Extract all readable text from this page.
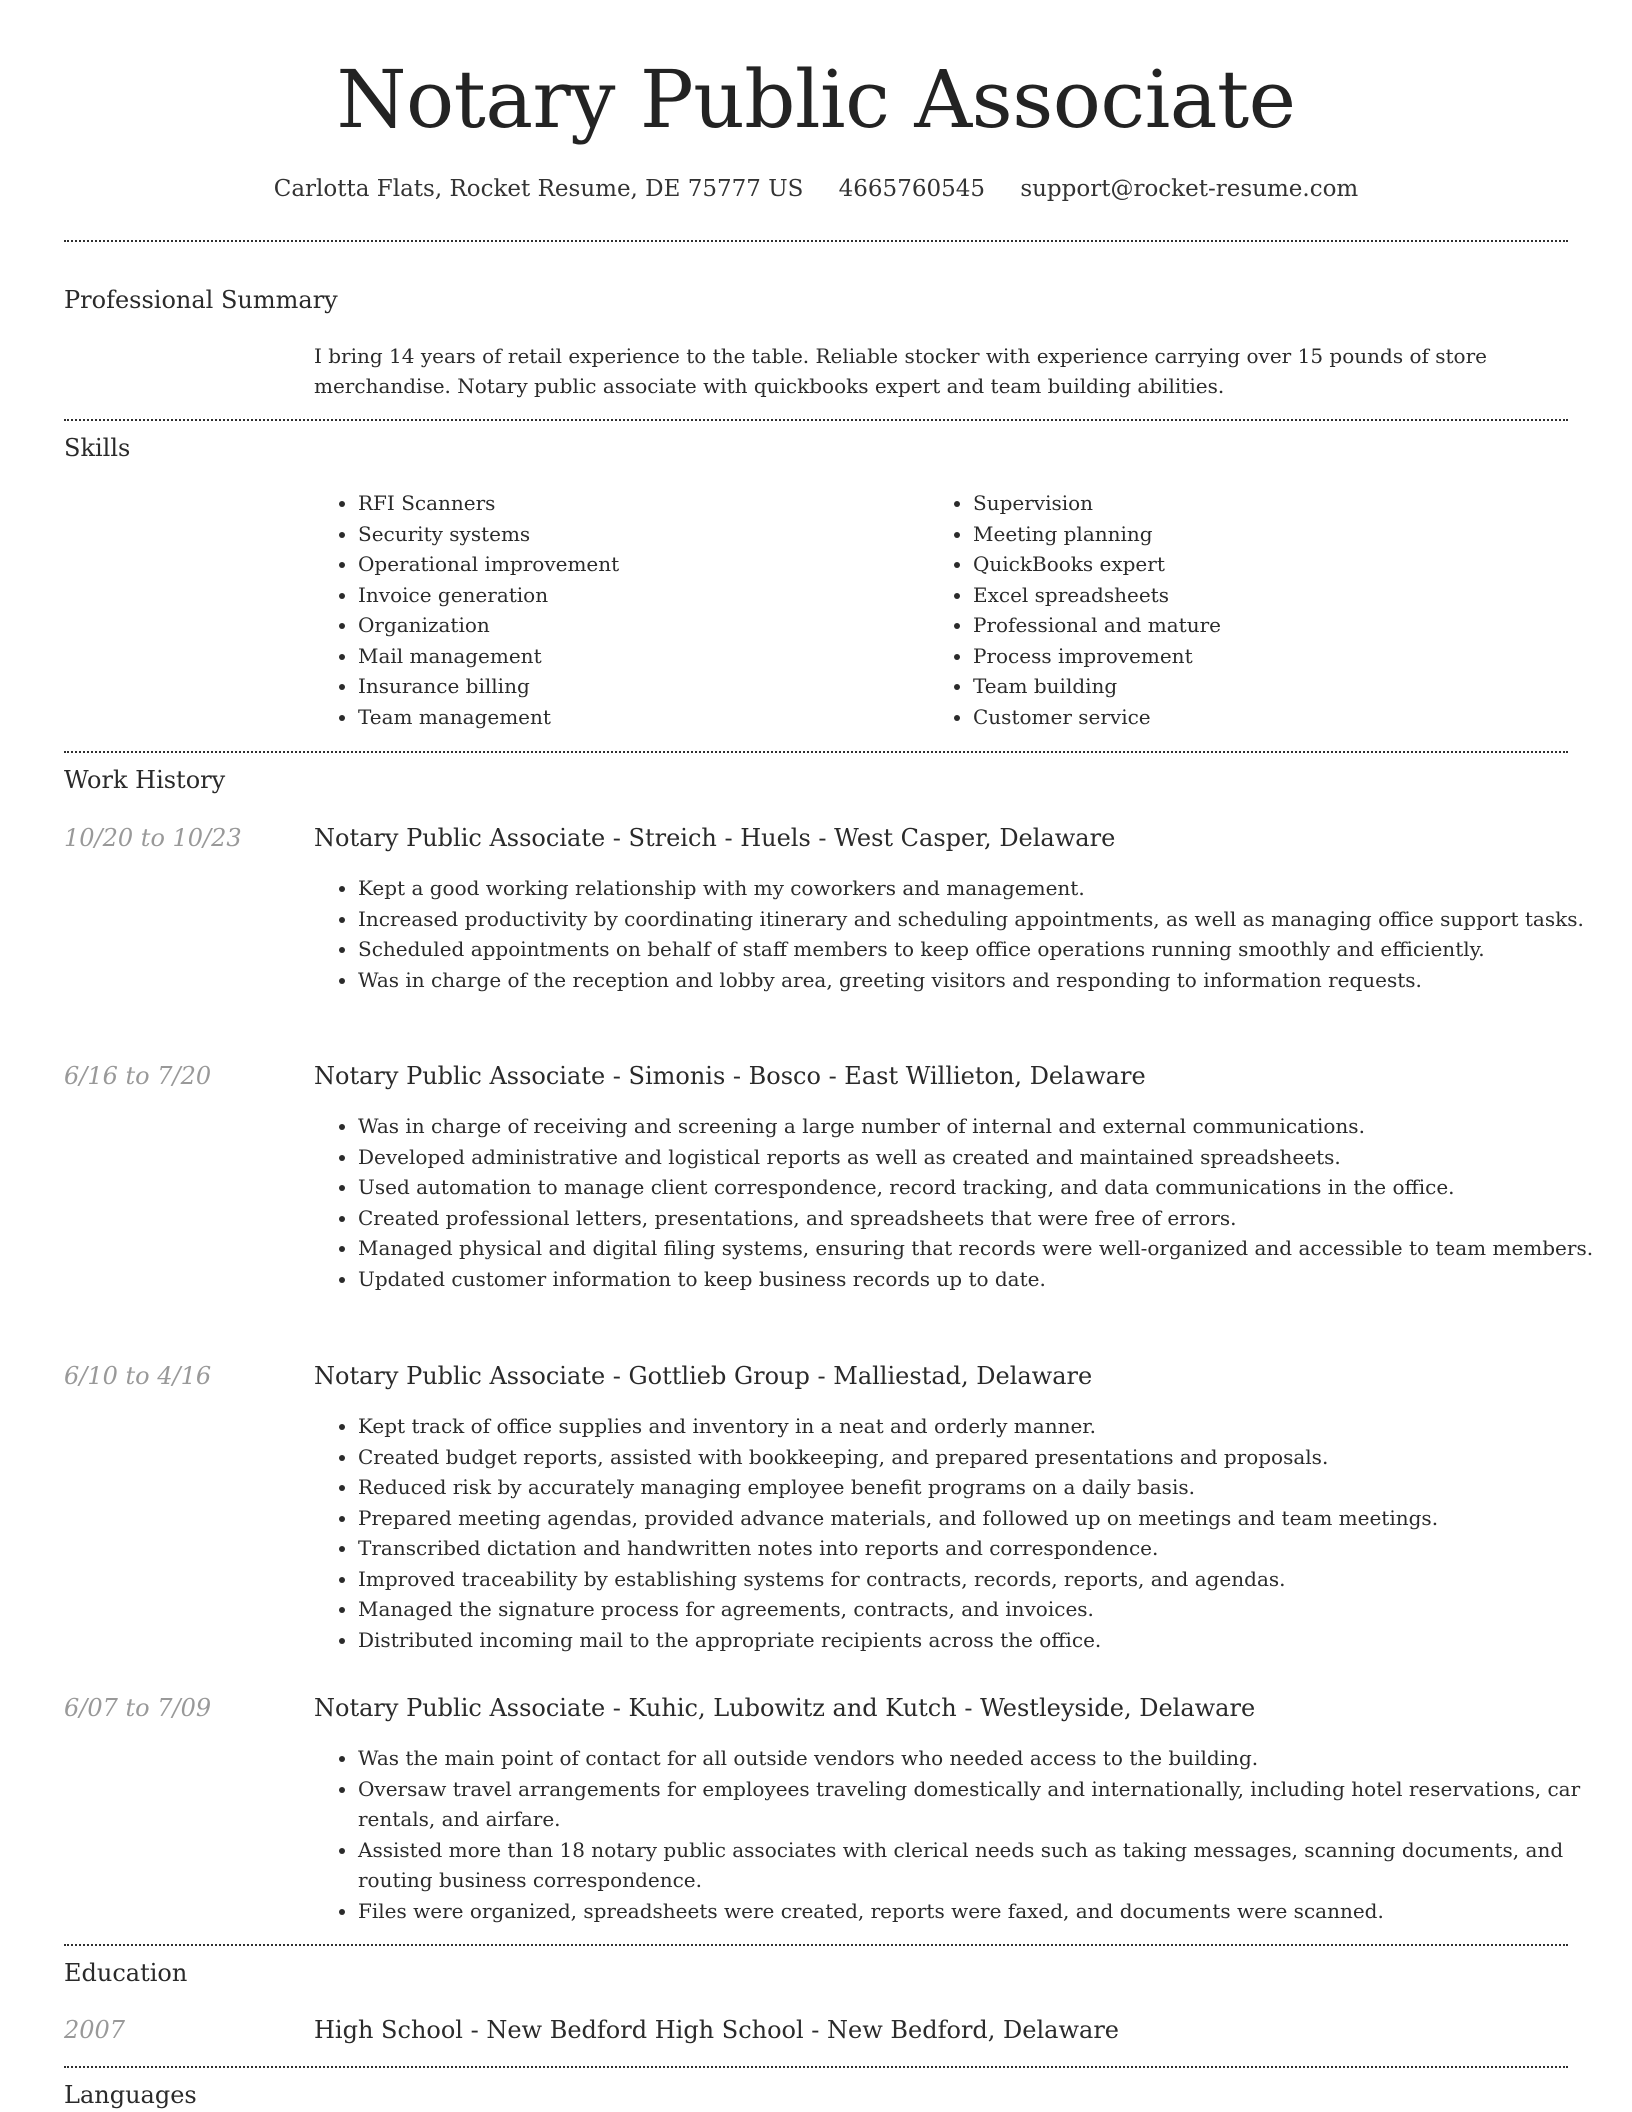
Notary Public Associate
Carlotta Flats, Rocket Resume, DE 75777 US 4665760545 support@rocket-resume.com
Professional Summary

I bring 14 years of retail experience to the table. Reliable stocker with experience carrying over 15 pounds of store merchandise. Notary public associate with quickbooks expert and team building abilities.

Skills
• RFI Scanners
• Security systems
• Operational improvement
• Invoice generation
• Organization
• Mail management
• Insurance billing
• Team management
• Supervision
• Meeting planning
• QuickBooks expert
• Excel spreadsheets
• Professional and mature
• Process improvement
• Team building
• Customer service
Work History
10/20 to 10/23	Notary Public Associate - Streich - Huels - West Casper, Delaware
• Kept a good working relationship with my coworkers and management.
• Increased productivity by coordinating itinerary and scheduling appointments, as well as managing office support tasks.
• Scheduled appointments on behalf of staff members to keep office operations running smoothly and efficiently.
• Was in charge of the reception and lobby area, greeting visitors and responding to information requests.
6/16 to 7/20	Notary Public Associate - Simonis - Bosco - East Willieton, Delaware
• Was in charge of receiving and screening a large number of internal and external communications.
• Developed administrative and logistical reports as well as created and maintained spreadsheets.
• Used automation to manage client correspondence, record tracking, and data communications in the office.
• Created professional letters, presentations, and spreadsheets that were free of errors.
• Managed physical and digital filing systems, ensuring that records were well-organized and accessible to team members.
• Updated customer information to keep business records up to date.
6/10 to 4/16	Notary Public Associate - Gottlieb Group - Malliestad, Delaware
• Kept track of office supplies and inventory in a neat and orderly manner.
• Created budget reports, assisted with bookkeeping, and prepared presentations and proposals.
• Reduced risk by accurately managing employee benefit programs on a daily basis.
• Prepared meeting agendas, provided advance materials, and followed up on meetings and team meetings.
• Transcribed dictation and handwritten notes into reports and correspondence.
• Improved traceability by establishing systems for contracts, records, reports, and agendas.
• Managed the signature process for agreements, contracts, and invoices.
• Distributed incoming mail to the appropriate recipients across the office.
6/07 to 7/09	Notary Public Associate - Kuhic, Lubowitz and Kutch - Westleyside, Delaware
• Was the main point of contact for all outside vendors who needed access to the building.
• Oversaw travel arrangements for employees traveling domestically and internationally, including hotel reservations, car rentals, and airfare.
• Assisted more than 18 notary public associates with clerical needs such as taking messages, scanning documents, and routing business correspondence.
• Files were organized, spreadsheets were created, reports were faxed, and documents were scanned.
Education
2007	High School - New Bedford High School - New Bedford, Delaware
Languages
